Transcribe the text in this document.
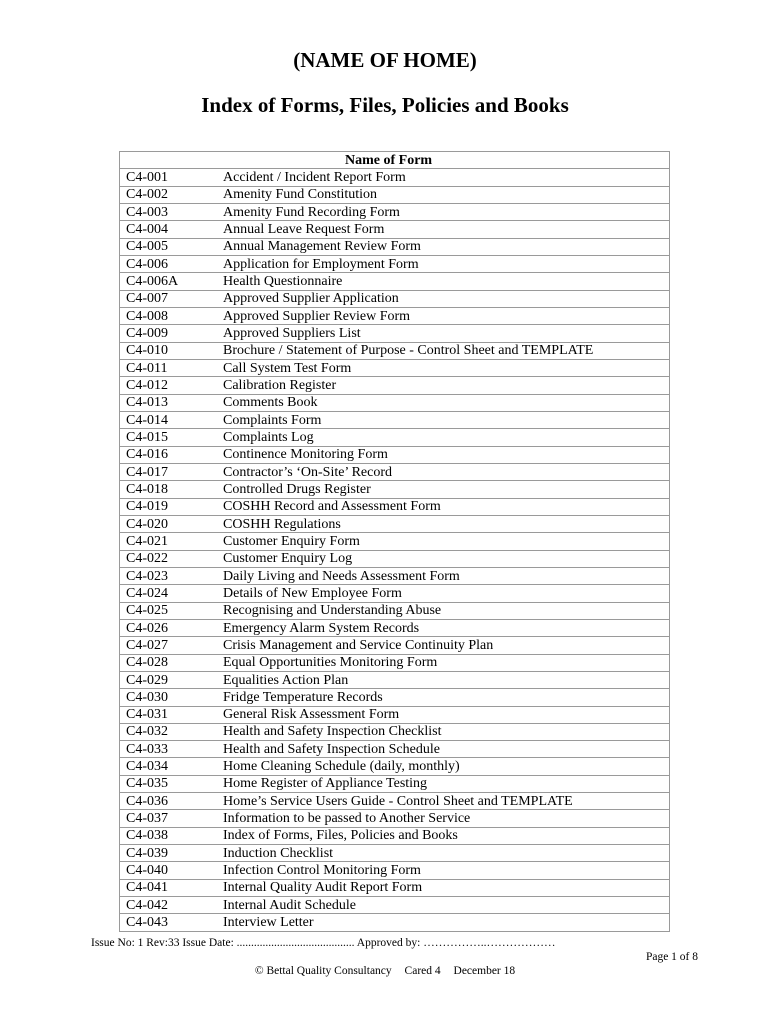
(NAME OF HOME)
Index of Forms, Files, Policies and Books
Name of Form	
C4-001	Accident / Incident Report Form
C4-002	Amenity Fund Constitution
C4-003	Amenity Fund Recording Form
C4-004	Annual Leave Request Form
C4-005	Annual Management Review Form
C4-006	Application for Employment Form
C4-006A	Health Questionnaire
C4-007	Approved Supplier Application
C4-008	Approved Supplier Review Form
C4-009	Approved Suppliers List
C4-010	Brochure / Statement of Purpose - Control Sheet and TEMPLATE
C4-011	Call System Test Form
C4-012	Calibration Register
C4-013	Comments Book
C4-014	Complaints Form
C4-015	Complaints Log
C4-016	Continence Monitoring Form
C4-017	Contractor’s ‘On-Site’ Record
C4-018	Controlled Drugs Register
C4-019	COSHH Record and Assessment Form
C4-020	COSHH Regulations
C4-021	Customer Enquiry Form
C4-022	Customer Enquiry Log
C4-023	Daily Living and Needs Assessment Form
C4-024	Details of New Employee Form
C4-025	Recognising and Understanding Abuse
C4-026	Emergency Alarm System Records
C4-027	Crisis Management and Service Continuity Plan
C4-028	Equal Opportunities Monitoring Form
C4-029	Equalities Action Plan
C4-030	Fridge Temperature Records
C4-031	General Risk Assessment Form
C4-032	Health and Safety Inspection Checklist
C4-033	Health and Safety Inspection Schedule
C4-034	Home Cleaning Schedule (daily, monthly)
C4-035	Home Register of Appliance Testing
C4-036	Home’s Service Users Guide - Control Sheet and TEMPLATE
C4-037	Information to be passed to Another Service
C4-038	Index of Forms, Files, Policies and Books
C4-039	Induction Checklist
C4-040	Infection Control Monitoring Form
C4-041	Internal Quality Audit Report Form
C4-042	Internal Audit Schedule
C4-043	Interview Letter
Issue No: 1 Rev:33 Issue Date: ......................................... Approved by: ……………..………………
Page 1 of 8
© Bettal Quality Consultancy Cared 4 December 18
